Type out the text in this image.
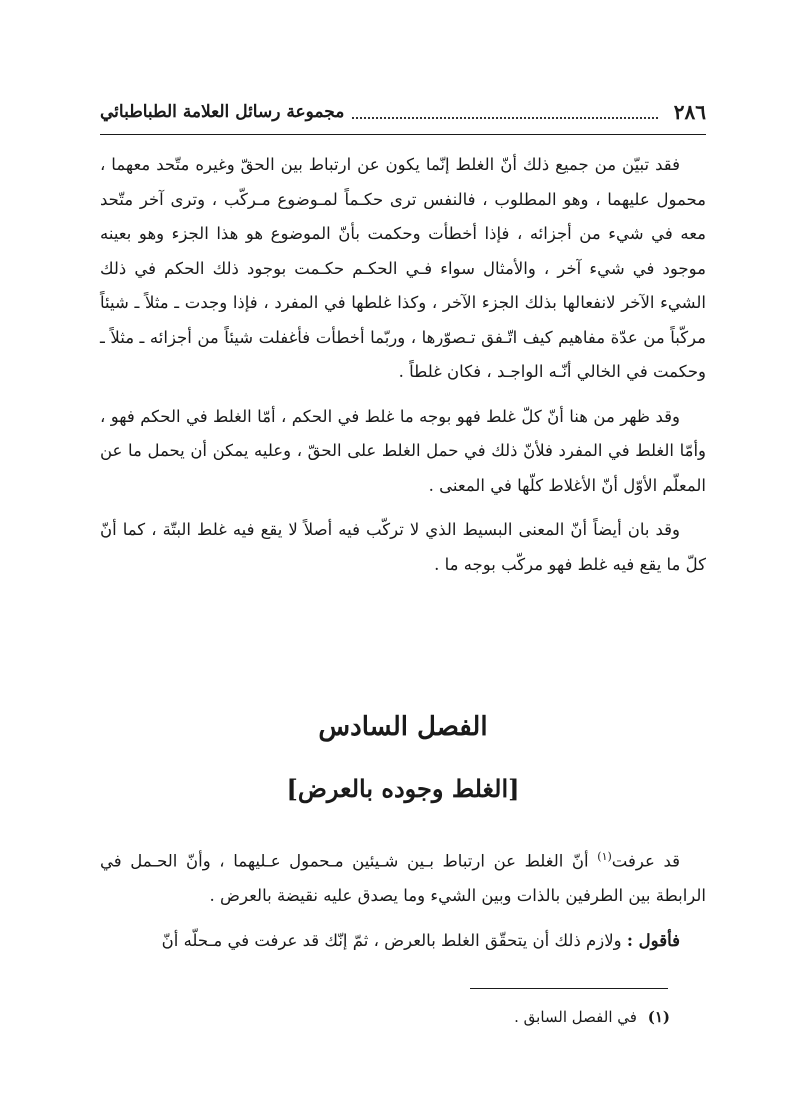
٢٨٦
مجموعة رسائل العلامة الطباطبائي

فقد تبيّن من جميع ذلك أنّ الغلط إنّما يكون عن ارتباط بين الحقّ وغيره متّحد معهما ، محمول عليهما ، وهو المطلوب ، فالنفس ترى حكـماً لمـوضوع مـركّب ، وترى آخر متّحد معه في شيء من أجزائه ، فإذا أخطأت وحكمت بأنّ الموضوع هو هذا الجزء وهو بعينه موجود في شيء آخر ، والأمثال سواء فـي الحكـم حكـمت بوجود ذلك الحكم في ذلك الشيء الآخر لانفعالها بذلك الجزء الآخر ، وكذا غلطها في المفرد ، فإذا وجدت ـ مثلاً ـ شيئاً مركّباً من عدّة مفاهيم كيف اتّـفق تـصوّرها ، وربّما أخطأت فأغفلت شيئاً من أجزائه ـ مثلاً ـ وحكمت في الخالي أنّـه الواجـد ، فكان غلطاً .

وقد ظهر من هنا أنّ كلّ غلط فهو بوجه ما غلط في الحكم ، أمّا الغلط في الحكم فهو ، وأمّا الغلط في المفرد فلأنّ ذلك في حمل الغلط على الحقّ ، وعليه يمكن أن يحمل ما عن المعلّم الأوّل أنّ الأغلاط كلّها في المعنى .

وقد بان أيضاً أنّ المعنى البسيط الذي لا تركّب فيه أصلاً لا يقع فيه غلط البتّة ، كما أنّ كلّ ما يقع فيه غلط فهو مركّب بوجه ما .

الفصل السادس
[الغلط وجوده بالعرض]

قد عرفت$^{(١)}$ أنّ الغلط عن ارتباط بـين شـيئين مـحمول عـليهما ، وأنّ الحـمل في الرابطة بين الطرفين بالذات وبين الشيء وما يصدق عليه نقيضة بالعرض .

فأقول : ولازم ذلك أن يتحقّق الغلط بالعرض ، ثمّ إنّك قد عرفت في مـحلّه أنّ

(١) في الفصل السابق .
